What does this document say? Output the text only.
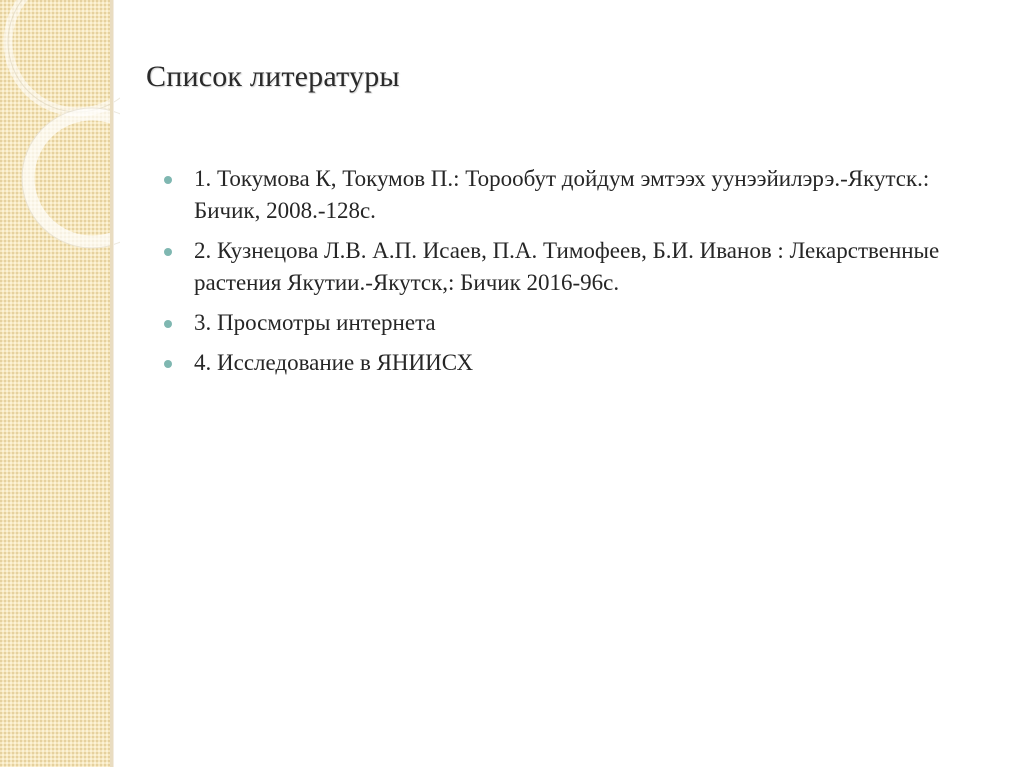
Список литературы
1. Токумова К, Токумов П.: Торообут дойдум эмтээх уунээйилэрэ.-Якутск.: Бичик, 2008.-128с.
2. Кузнецова Л.В. А.П. Исаев, П.А. Тимофеев, Б.И. Иванов : Лекарственные растения Якутии.-Якутск,: Бичик 2016-96с.
3. Просмотры интернета
4. Исследование в ЯНИИСХ
